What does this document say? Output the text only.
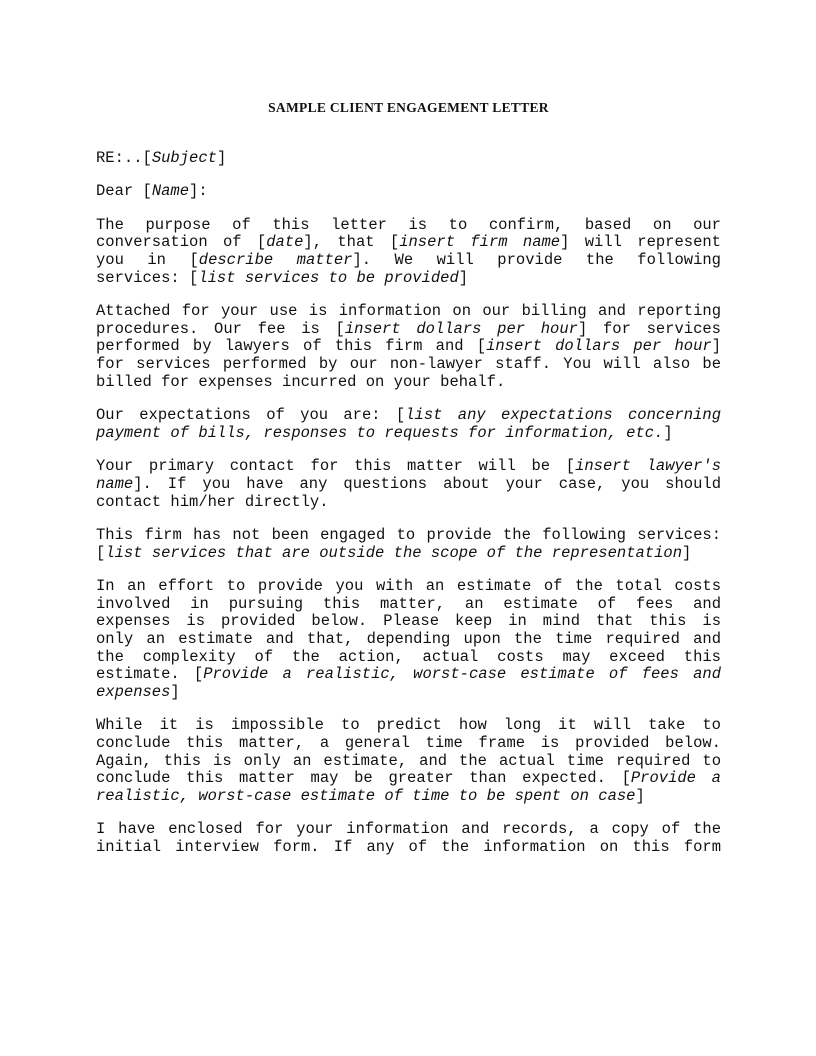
SAMPLE CLIENT ENGAGEMENT LETTER
RE:..[Subject]
Dear [Name]:
The purpose of this letter is to confirm, based on our
conversation of [date], that [insert firm name] will represent
you in [describe matter]. We will provide the following
services: [list services to be provided]
Attached for your use is information on our billing and reporting
procedures. Our fee is [insert dollars per hour] for services
performed by lawyers of this firm and [insert dollars per hour]
for services performed by our non-lawyer staff. You will also be
billed for expenses incurred on your behalf.
Our expectations of you are: [list any expectations concerning
payment of bills, responses to requests for information, etc.]
Your primary contact for this matter will be [insert lawyer's
name]. If you have any questions about your case, you should
contact him/her directly.
This firm has not been engaged to provide the following services:
[list services that are outside the scope of the representation]
In an effort to provide you with an estimate of the total costs
involved in pursuing this matter, an estimate of fees and
expenses is provided below. Please keep in mind that this is
only an estimate and that, depending upon the time required and
the complexity of the action, actual costs may exceed this
estimate. [Provide a realistic, worst-case estimate of fees and
expenses]
While it is impossible to predict how long it will take to
conclude this matter, a general time frame is provided below.
Again, this is only an estimate, and the actual time required to
conclude this matter may be greater than expected. [Provide a
realistic, worst-case estimate of time to be spent on case]
I have enclosed for your information and records, a copy of the
initial interview form. If any of the information on this form
